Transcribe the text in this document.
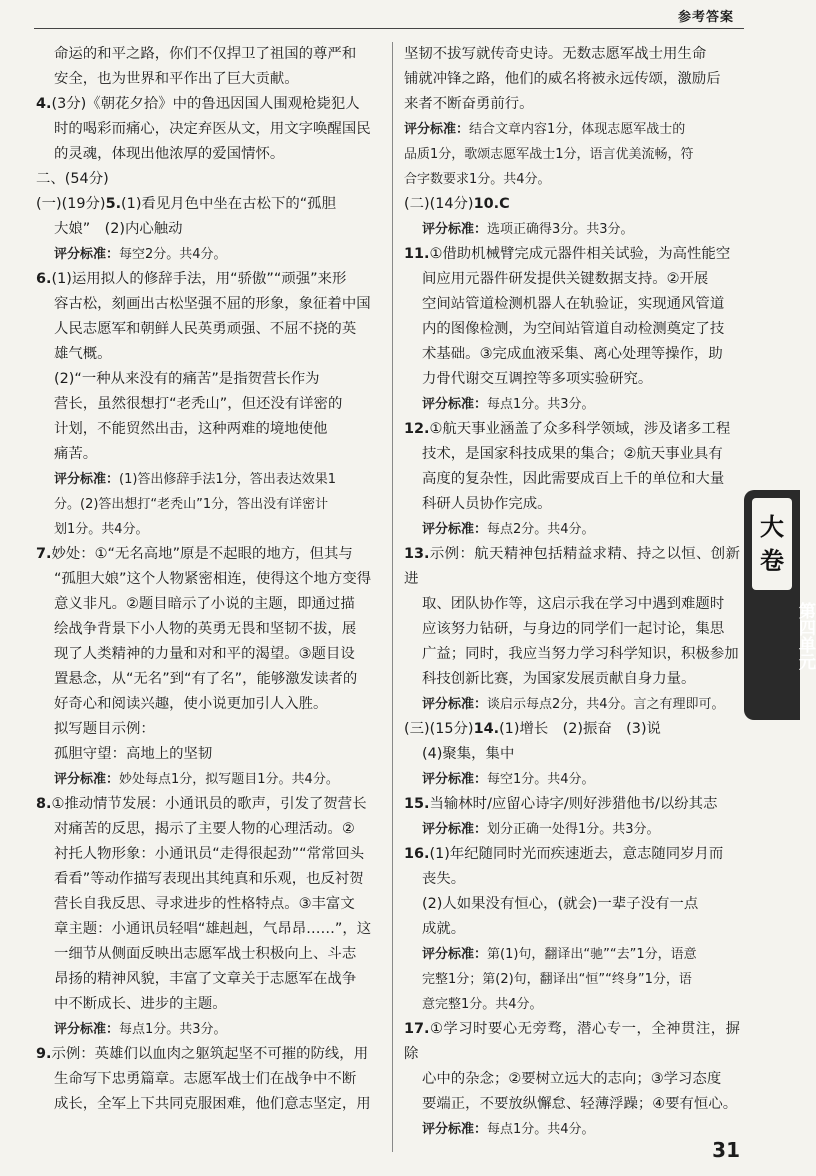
参考答案
命运的和平之路，你们不仅捍卫了祖国的尊严和
安全，也为世界和平作出了巨大贡献。
4.(3分)《朝花夕拾》中的鲁迅因国人围观枪毙犯人
时的喝彩而痛心，决定弃医从文，用文字唤醒国民
的灵魂，体现出他浓厚的爱国情怀。
二、(54分)
(一)(19分)5.(1)看见月色中坐在古松下的“孤胆
大娘”　(2)内心触动
评分标准：每空2分。共4分。
6.(1)运用拟人的修辞手法，用“骄傲”“顽强”来形
容古松，刻画出古松坚强不屈的形象，象征着中国
人民志愿军和朝鲜人民英勇顽强、不屈不挠的英
雄气概。
(2)“一种从来没有的痛苦”是指贺营长作为
营长，虽然很想打“老秃山”，但还没有详密的
计划，不能贸然出击，这种两难的境地使他
痛苦。
评分标准：(1)答出修辞手法1分，答出表达效果1
分。(2)答出想打“老秃山”1分，答出没有详密计
划1分。共4分。
7.妙处：①“无名高地”原是不起眼的地方，但其与
“孤胆大娘”这个人物紧密相连，使得这个地方变得
意义非凡。②题目暗示了小说的主题，即通过描
绘战争背景下小人物的英勇无畏和坚韧不拔，展
现了人类精神的力量和对和平的渴望。③题目设
置悬念，从“无名”到“有了名”，能够激发读者的
好奇心和阅读兴趣，使小说更加引人入胜。
拟写题目示例：
孤胆守望：高地上的坚韧
评分标准：妙处每点1分，拟写题目1分。共4分。
8.①推动情节发展：小通讯员的歌声，引发了贺营长
对痛苦的反思，揭示了主要人物的心理活动。②
衬托人物形象：小通讯员“走得很起劲”“常常回头
看看”等动作描写表现出其纯真和乐观，也反衬贺
营长自我反思、寻求进步的性格特点。③丰富文
章主题：小通讯员轻唱“雄赳赳，气昂昂……”，这
一细节从侧面反映出志愿军战士积极向上、斗志
昂扬的精神风貌，丰富了文章关于志愿军在战争
中不断成长、进步的主题。
评分标准：每点1分。共3分。
9.示例：英雄们以血肉之躯筑起坚不可摧的防线，用
生命写下忠勇篇章。志愿军战士们在战争中不断
成长，全军上下共同克服困难，他们意志坚定，用
坚韧不拔写就传奇史诗。无数志愿军战士用生命
铺就冲锋之路，他们的威名将被永远传颂，激励后
来者不断奋勇前行。
评分标准：结合文章内容1分，体现志愿军战士的
品质1分，歌颂志愿军战士1分，语言优美流畅，符
合字数要求1分。共4分。
(二)(14分)10.C
评分标准：选项正确得3分。共3分。
11.①借助机械臂完成元器件相关试验，为高性能空
间应用元器件研发提供关键数据支持。②开展
空间站管道检测机器人在轨验证，实现通风管道
内的图像检测，为空间站管道自动检测奠定了技
术基础。③完成血液采集、离心处理等操作，助
力骨代谢交互调控等多项实验研究。
评分标准：每点1分。共3分。
12.①航天事业涵盖了众多科学领域，涉及诸多工程
技术，是国家科技成果的集合；②航天事业具有
高度的复杂性，因此需要成百上千的单位和大量
科研人员协作完成。
评分标准：每点2分。共4分。
13.示例：航天精神包括精益求精、持之以恒、创新进
取、团队协作等，这启示我在学习中遇到难题时
应该努力钻研，与身边的同学们一起讨论，集思
广益；同时，我应当努力学习科学知识，积极参加
科技创新比赛，为国家发展贡献自身力量。
评分标准：谈启示每点2分，共4分。言之有理即可。
(三)(15分)14.(1)增长　(2)振奋　(3)说
(4)聚集，集中
评分标准：每空1分。共4分。
15.当输林时/应留心诗字/则好涉猎他书/以纷其志
评分标准：划分正确一处得1分。共3分。
16.(1)年纪随同时光而疾速逝去，意志随同岁月而
丧失。
(2)人如果没有恒心，(就会)一辈子没有一点
成就。
评分标准：第(1)句，翻译出“驰”“去”1分，语意
完整1分；第(2)句，翻译出“恒”“终身”1分，语
意完整1分。共4分。
17.①学习时要心无旁骛，潜心专一，全神贯注，摒除
心中的杂念；②要树立远大的志向；③学习态度
要端正，不要放纵懈怠、轻薄浮躁；④要有恒心。
评分标准：每点1分。共4分。
大
卷
第四单元
31
